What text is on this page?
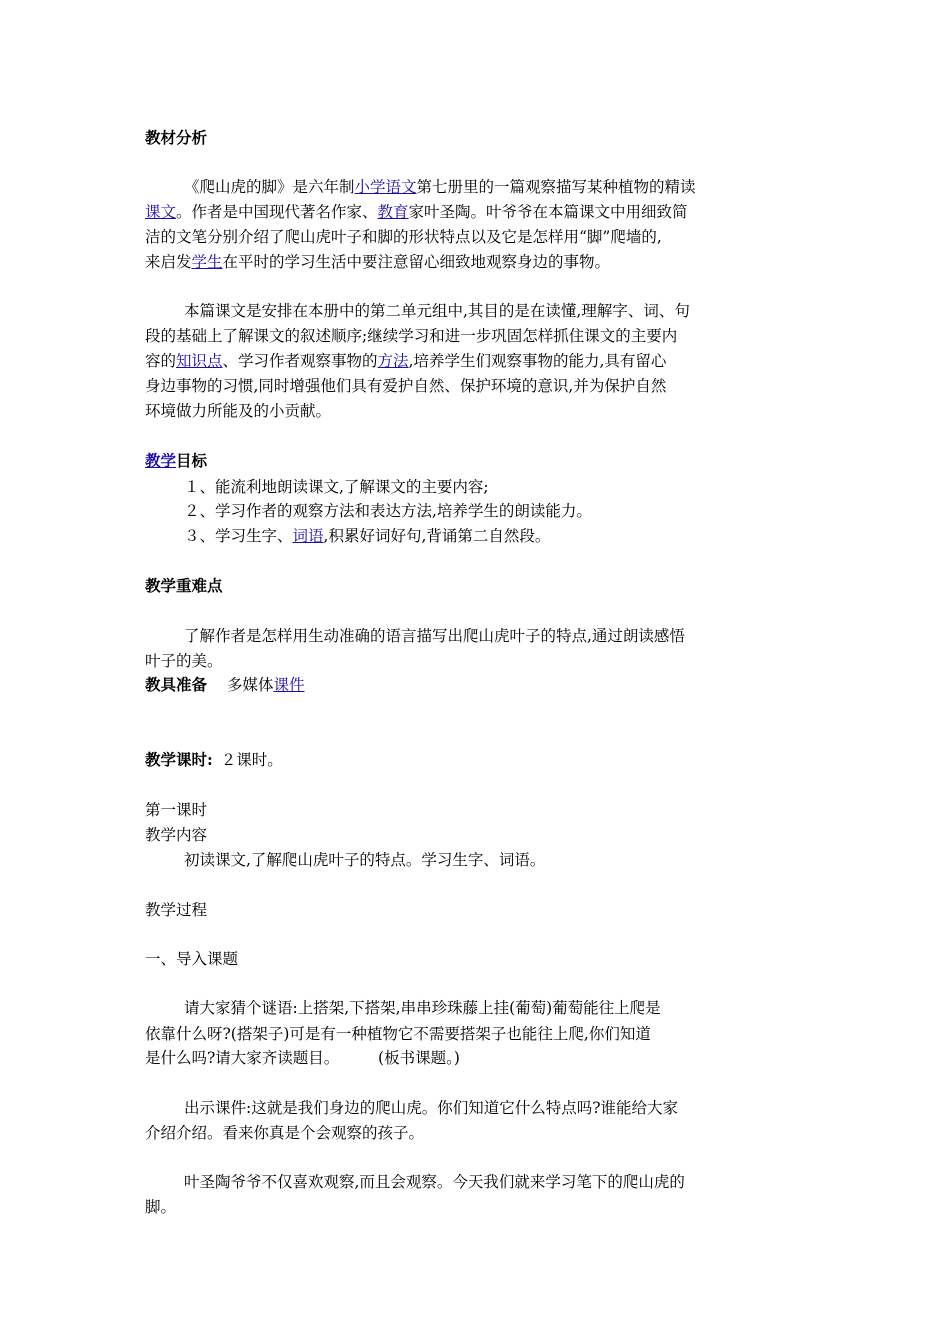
教材分析
《爬山虎的脚》是六年制小学语文第七册里的一篇观察描写某种植物的精读
课文。作者是中国现代著名作家、教育家叶圣陶。叶爷爷在本篇课文中用细致简
洁的文笔分别介绍了爬山虎叶子和脚的形状特点以及它是怎样用“脚”爬墙的,
来启发学生在平时的学习生活中要注意留心细致地观察身边的事物。
本篇课文是安排在本册中的第二单元组中,其目的是在读懂,理解字、词、句
段的基础上了解课文的叙述顺序;继续学习和进一步巩固怎样抓住课文的主要内
容的知识点、学习作者观察事物的方法,培养学生们观察事物的能力,具有留心
身边事物的习惯,同时增强他们具有爱护自然、保护环境的意识,并为保护自然
环境做力所能及的小贡献。
教学目标
１、能流利地朗读课文,了解课文的主要内容;
２、学习作者的观察方法和表达方法,培养学生的朗读能力。
３、学习生字、词语,积累好词好句,背诵第二自然段。
教学重难点
了解作者是怎样用生动准确的语言描写出爬山虎叶子的特点,通过朗读感悟
叶子的美。
教具准备 多媒体课件
教学课时: ２课时。
第一课时
教学内容
初读课文,了解爬山虎叶子的特点。学习生字、词语。
教学过程
一、导入课题
请大家猜个谜语:上搭架,下搭架,串串珍珠藤上挂(葡萄)葡萄能往上爬是
依靠什么呀?(搭架子)可是有一种植物它不需要搭架子也能往上爬,你们知道
是什么吗?请大家齐读题目。　　　(板书课题。)
出示课件:这就是我们身边的爬山虎。你们知道它什么特点吗?谁能给大家
介绍介绍。看来你真是个会观察的孩子。
叶圣陶爷爷不仅喜欢观察,而且会观察。今天我们就来学习笔下的爬山虎的
脚。
